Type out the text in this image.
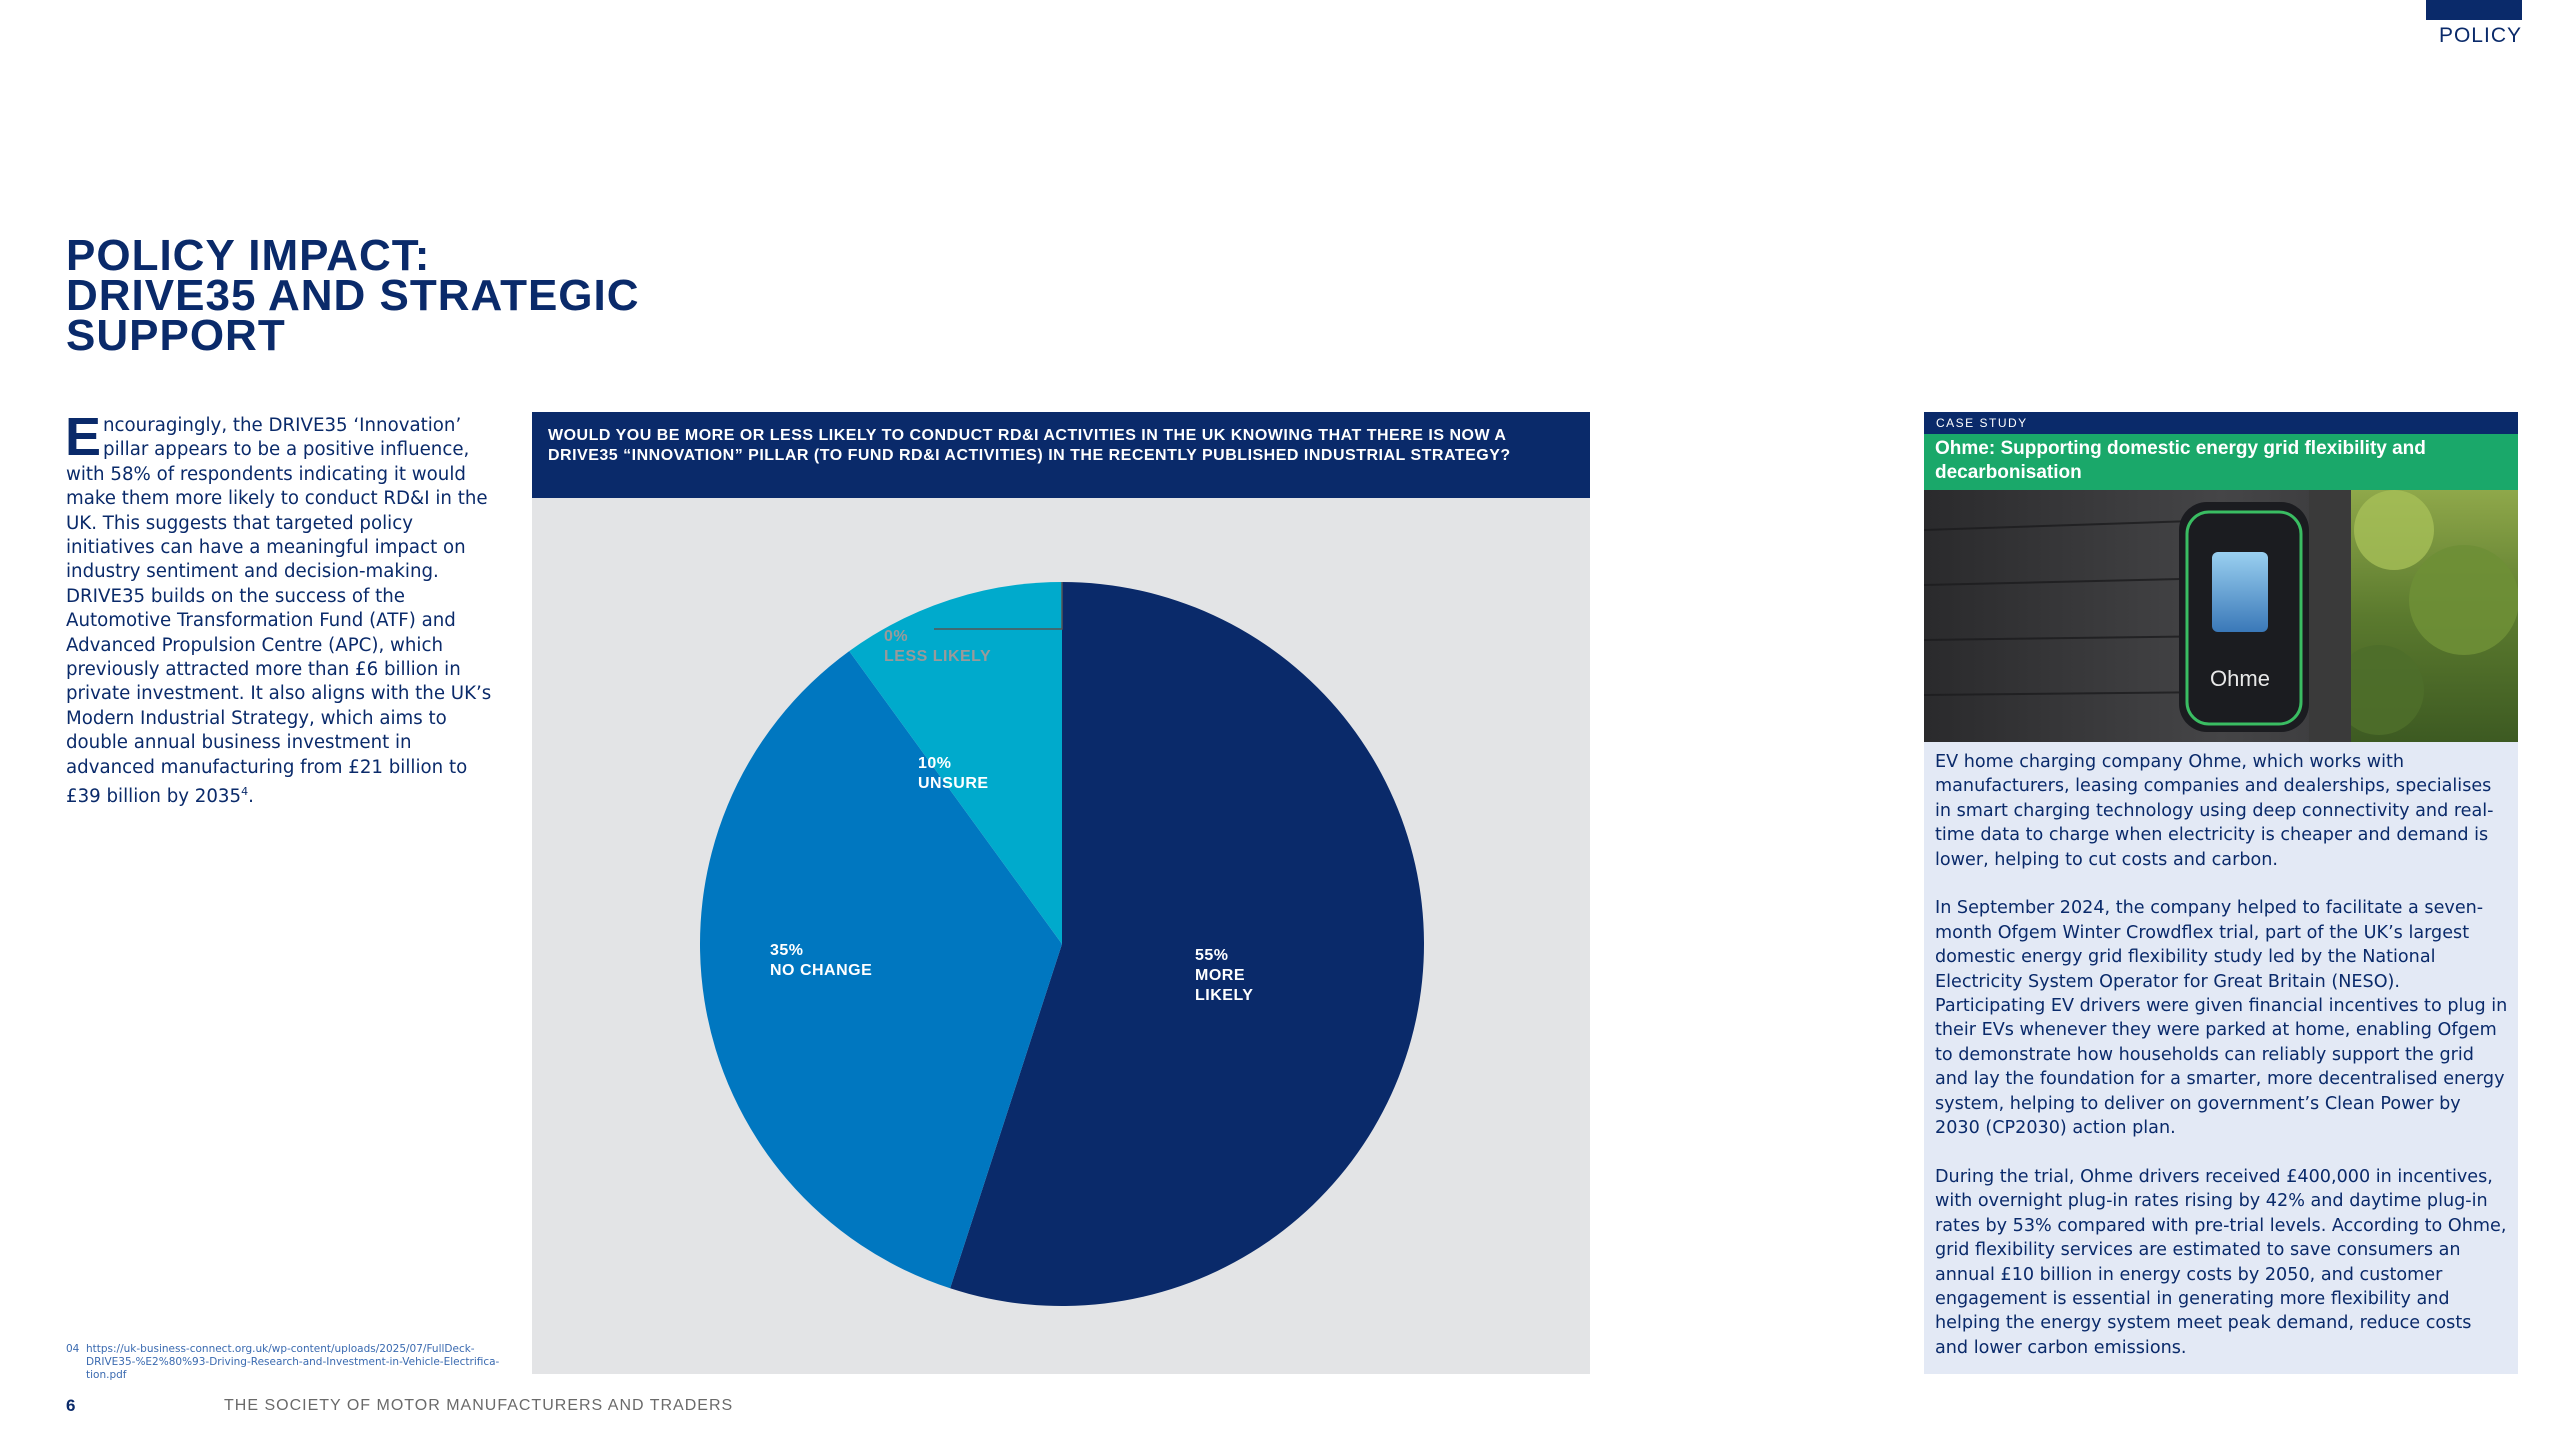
POLICY
POLICY IMPACT:
DRIVE35 AND STRATEGIC
SUPPORT
Encouragingly, the DRIVE35 ‘Innovation’ pillar appears to be a positive influence, with 58% of respondents indicating it would make them more likely to conduct RD&I in the UK. This suggests that targeted policy initiatives can have a meaningful impact on industry sentiment and decision-making. DRIVE35 builds on the success of the Automotive Transformation Fund (ATF) and Advanced Propulsion Centre (APC), which previously attracted more than £6 billion in private investment. It also aligns with the UK’s Modern Industrial Strategy, which aims to double annual business investment in advanced manufacturing from £21 billion to £39 billion by 2035$^4$.
04 https://uk-business-connect.org.uk/wp-content/uploads/2025/07/FullDeck-DRIVE35-%E2%80%93-Driving-Research-and-Investment-in-Vehicle-Electrifica-tion.pdf
6	THE SOCIETY OF MOTOR MANUFACTURERS AND TRADERS
WOULD YOU BE MORE OR LESS LIKELY TO CONDUCT RD&I ACTIVITIES IN THE UK KNOWING THAT THERE IS NOW A DRIVE35 “INNOVATION” PILLAR (TO FUND RD&I ACTIVITIES) IN THE RECENTLY PUBLISHED INDUSTRIAL STRATEGY?
55% MORE LIKELY
35% NO CHANGE
10% UNSURE
0% LESS LIKELY
CASE STUDY
Ohme: Supporting domestic energy grid flexibility and decarbonisation
Ohme

EV home charging company Ohme, which works with manufacturers, leasing companies and dealerships, specialises in smart charging technology using deep connectivity and real-time data to charge when electricity is cheaper and demand is lower, helping to cut costs and carbon.

In September 2024, the company helped to facilitate a seven-month Ofgem Winter Crowdflex trial, part of the UK’s largest domestic energy grid flexibility study led by the National Electricity System Operator for Great Britain (NESO). Participating EV drivers were given financial incentives to plug in their EVs whenever they were parked at home, enabling Ofgem to demonstrate how households can reliably support the grid and lay the foundation for a smarter, more decentralised energy system, helping to deliver on government’s Clean Power by 2030 (CP2030) action plan.

During the trial, Ohme drivers received £400,000 in incentives, with overnight plug-in rates rising by 42% and daytime plug-in rates by 53% compared with pre-trial levels. According to Ohme, grid flexibility services are estimated to save consumers an annual £10 billion in energy costs by 2050, and customer engagement is essential in generating more flexibility and helping the energy system meet peak demand, reduce costs and lower carbon emissions.
